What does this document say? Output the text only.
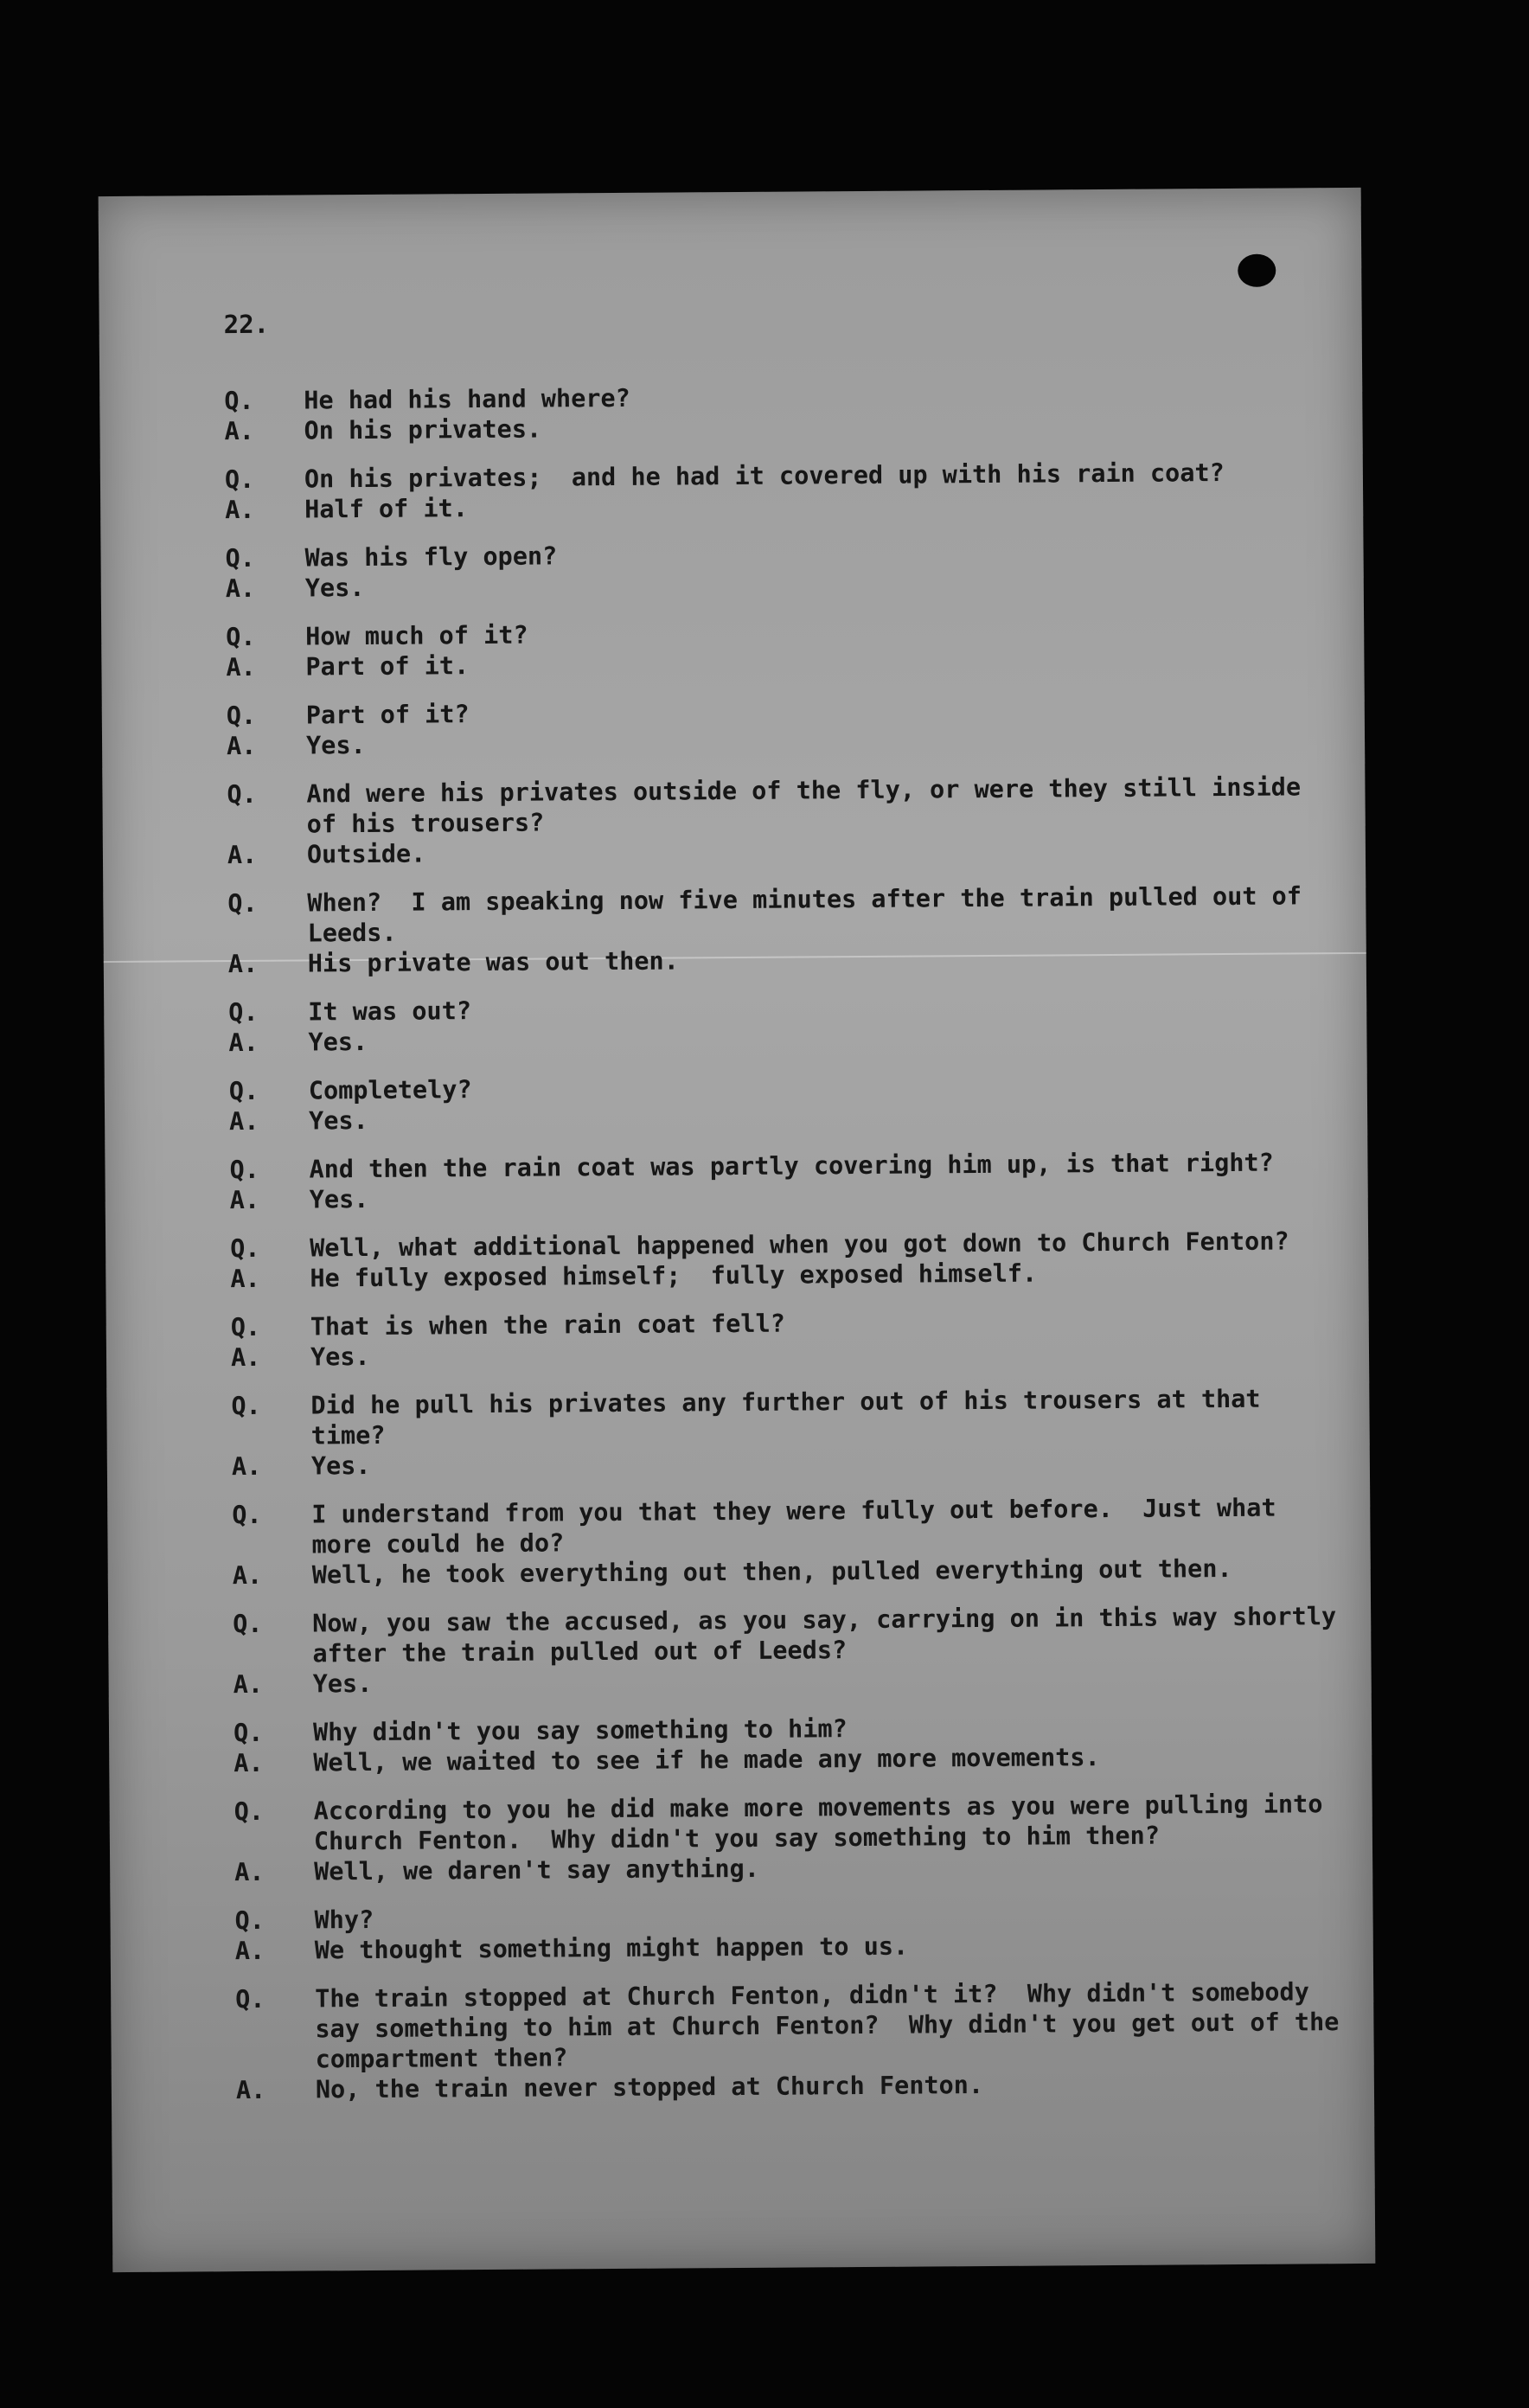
22.
Q.	He had his hand where?
A.	On his privates.
Q.	On his privates;  and he had it covered up with his rain coat?
A.	Half of it.
Q.	Was his fly open?
A.	Yes.
Q.	How much of it?
A.	Part of it.
Q.	Part of it?
A.	Yes.
Q.	And were his privates outside of the fly, or were they still inside of his trousers?
A.	Outside.
Q.	When?  I am speaking now five minutes after the train pulled out of Leeds.
A.	His private was out then.
Q.	It was out?
A.	Yes.
Q.	Completely?
A.	Yes.
Q.	And then the rain coat was partly covering him up, is that right?
A.	Yes.
Q.	Well, what additional happened when you got down to Church Fenton?
A.	He fully exposed himself;  fully exposed himself.
Q.	That is when the rain coat fell?
A.	Yes.
Q.	Did he pull his privates any further out of his trousers at that time?
A.	Yes.
Q.	I understand from you that they were fully out before.  Just what more could he do?
A.	Well, he took everything out then, pulled everything out then.
Q.	Now, you saw the accused, as you say, carrying on in this way shortly after the train pulled out of Leeds?
A.	Yes.
Q.	Why didn't you say something to him?
A.	Well, we waited to see if he made any more movements.
Q.	According to you he did make more movements as you were pulling into Church Fenton.  Why didn't you say something to him then?
A.	Well, we daren't say anything.
Q.	Why?
A.	We thought something might happen to us.
Q.	The train stopped at Church Fenton, didn't it?  Why didn't somebody say something to him at Church Fenton?  Why didn't you get out of the compartment then?
A.	No, the train never stopped at Church Fenton.
